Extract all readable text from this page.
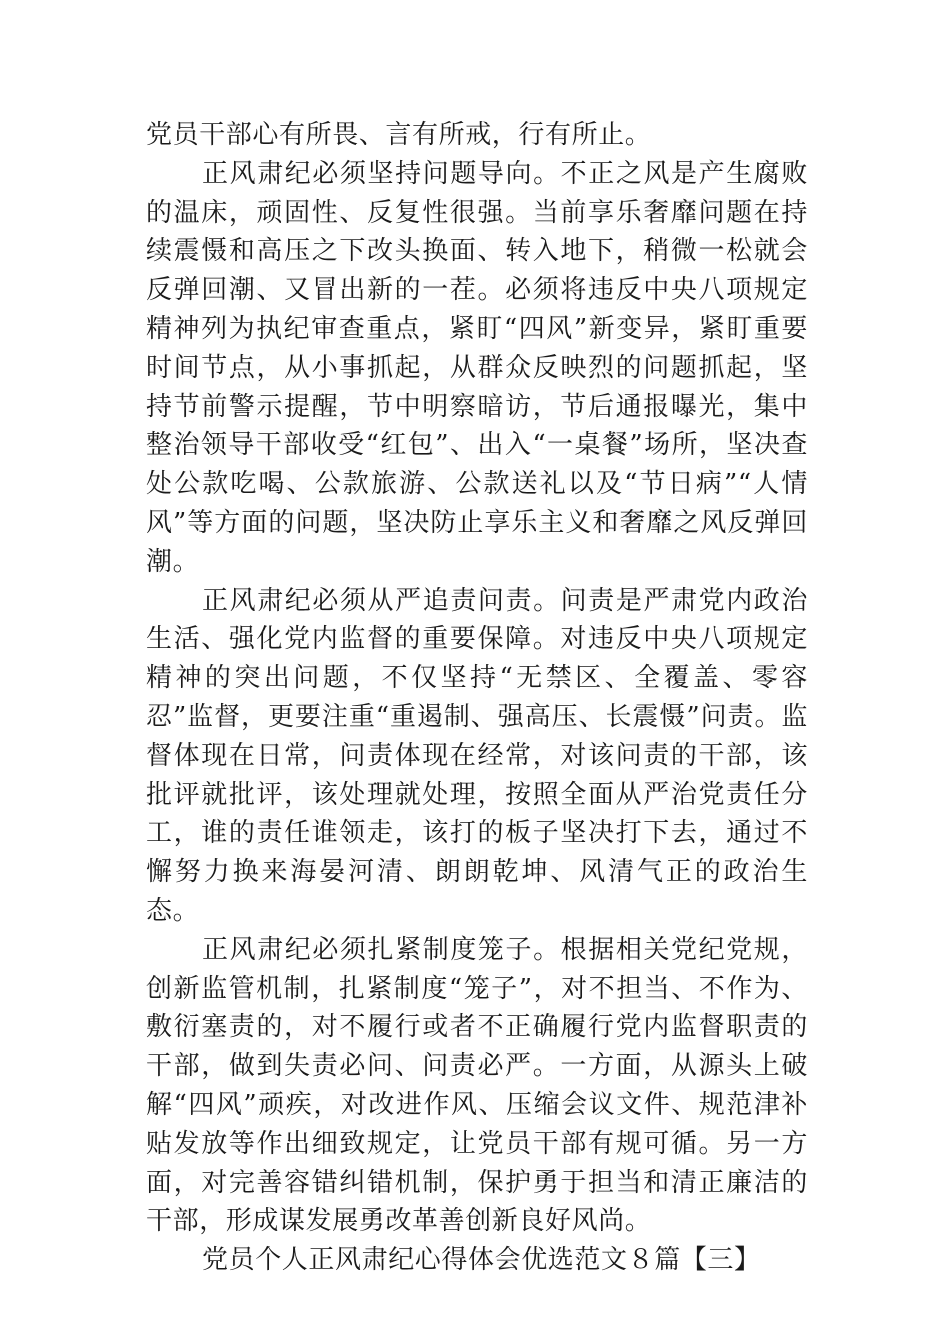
党员干部心有所畏、言有所戒，行有所止。

正风肃纪必须坚持问题导向。不正之风是产生腐败的温床，顽固性、反复性很强。当前享乐奢靡问题在持续震慑和高压之下改头换面、转入地下，稍微一松就会反弹回潮、又冒出新的一茬。必须将违反中央八项规定精神列为执纪审查重点，紧盯“四风”新变异，紧盯重要时间节点，从小事抓起，从群众反映烈的问题抓起，坚持节前警示提醒，节中明察暗访，节后通报曝光，集中整治领导干部收受“红包”、出入“一桌餐”场所，坚决查处公款吃喝、公款旅游、公款送礼以及“节日病”“人情风”等方面的问题，坚决防止享乐主义和奢靡之风反弹回潮。

正风肃纪必须从严追责问责。问责是严肃党内政治生活、强化党内监督的重要保障。对违反中央八项规定精神的突出问题，不仅坚持“无禁区、全覆盖、零容忍”监督，更要注重“重遏制、强高压、长震慑”问责。监督体现在日常，问责体现在经常，对该问责的干部，该批评就批评，该处理就处理，按照全面从严治党责任分工，谁的责任谁领走，该打的板子坚决打下去，通过不懈努力换来海晏河清、朗朗乾坤、风清气正的政治生态。

正风肃纪必须扎紧制度笼子。根据相关党纪党规，创新监管机制，扎紧制度“笼子”，对不担当、不作为、敷衍塞责的，对不履行或者不正确履行党内监督职责的干部，做到失责必问、问责必严。一方面，从源头上破解“四风”顽疾，对改进作风、压缩会议文件、规范津补贴发放等作出细致规定，让党员干部有规可循。另一方面，对完善容错纠错机制，保护勇于担当和清正廉洁的干部，形成谋发展勇改革善创新良好风尚。

党员个人正风肃纪心得体会优选范文８篇【三】
